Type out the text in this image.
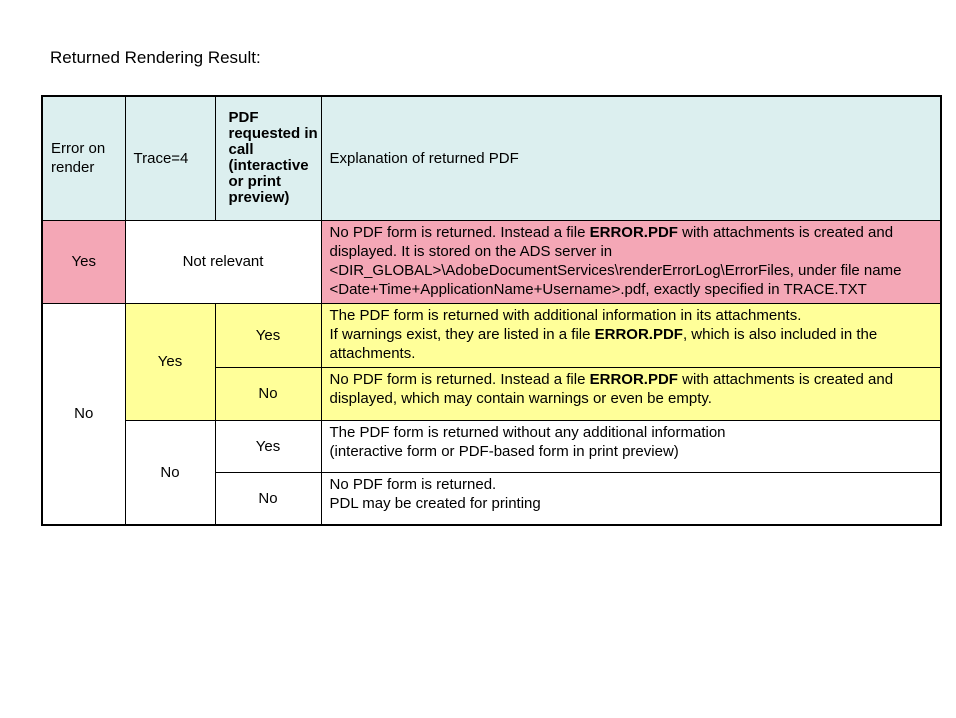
Returned Rendering Result:
Error on render	Trace=4	PDF requested in call (interactive or print preview)	Explanation of returned PDF
Yes	Not relevant		No PDF form is returned. Instead a file ERROR.PDF with attachments is created and displayed. It is stored on the ADS server in <DIR_GLOBAL>\AdobeDocumentServices\renderErrorLog\ErrorFiles, under file name <Date+Time+ApplicationName+Username>.pdf, exactly specified in TRACE.TXT

No	Yes	Yes	The PDF form is returned with additional information in its attachments.

If warnings exist, they are listed in a file ERROR.PDF, which is also included in the attachments.

		No	No PDF form is returned. Instead a file ERROR.PDF with attachments is created and displayed, which may contain warnings or even be empty.

	No	Yes	The PDF form is returned without any additional information

(interactive form or PDF-based form in print preview)

		No	No PDF form is returned.

PDL may be created for printing
